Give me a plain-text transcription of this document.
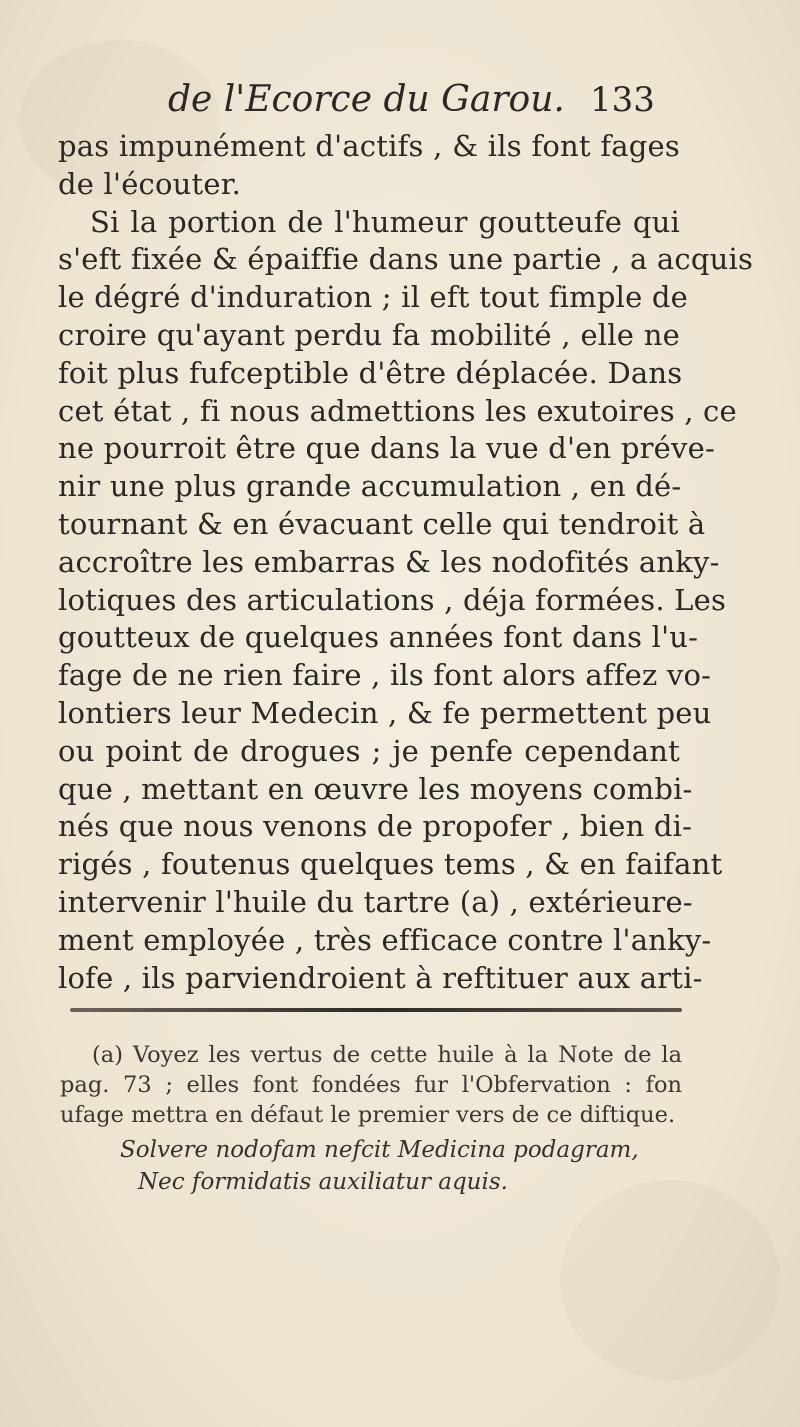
de l'Ecorce du Garou. 133
pas impunément d'actifs , & ils font fages
de l'écouter.
Si la portion de l'humeur goutteufe qui
s'eft fixée & épaiffie dans une partie , a acquis
le dégré d'induration ; il eft tout fimple de
croire qu'ayant perdu fa mobilité , elle ne
foit plus fufceptible d'être déplacée. Dans
cet état , fi nous admettions les exutoires , ce
ne pourroit être que dans la vue d'en préve-
nir une plus grande accumulation , en dé-
tournant & en évacuant celle qui tendroit à
accroître les embarras & les nodofités anky-
lotiques des articulations , déja formées. Les
goutteux de quelques années font dans l'u-
fage de ne rien faire , ils font alors affez vo-
lontiers leur Medecin , & fe permettent peu
ou point de drogues ; je penfe cependant
que , mettant en œuvre les moyens combi-
nés que nous venons de propofer , bien di-
rigés , foutenus quelques tems , & en faifant
intervenir l'huile du tartre (a) , extérieure-
ment employée , très efficace contre l'anky-
lofe , ils parviendroient à reftituer aux arti-
(a) Voyez les vertus de cette huile à la Note de la
pag. 73 ; elles font fondées fur l'Obfervation : fon
ufage mettra en défaut le premier vers de ce diftique.
Solvere nodofam nefcit Medicina podagram,
Nec formidatis auxiliatur aquis.
